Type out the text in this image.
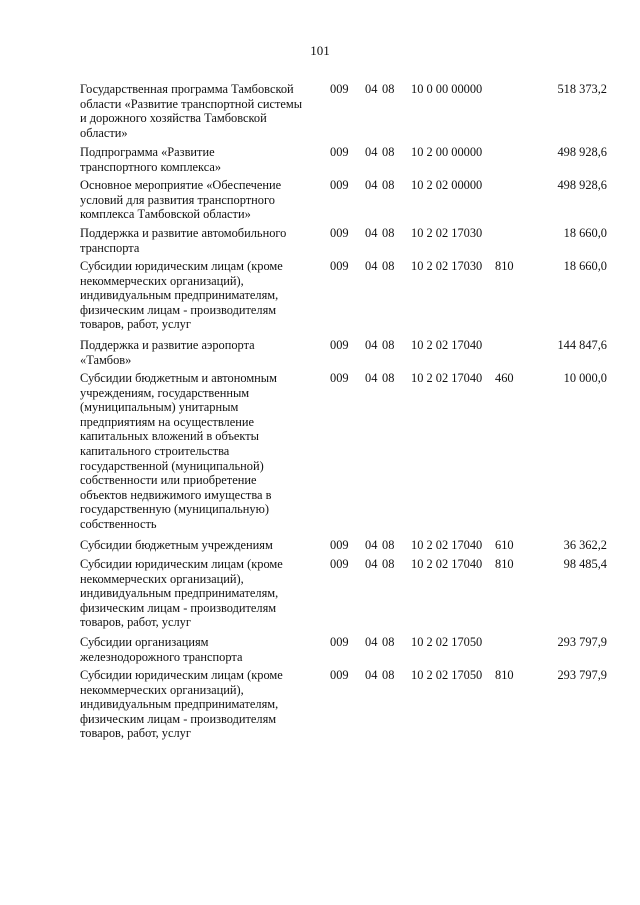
101
Государственная программа Тамбовской
области «Развитие транспортной системы
и дорожного хозяйства Тамбовской
области»
009 04 08 10 0 00 00000	518 373,2
Подпрограмма «Развитие
транспортного комплекса»
009 04 08 10 2 00 00000	498 928,6
Основное мероприятие «Обеспечение
условий для развития транспортного
комплекса Тамбовской области»
009 04 08 10 2 02 00000	498 928,6
Поддержка и развитие автомобильного
транспорта
009 04 08 10 2 02 17030	18 660,0
Субсидии юридическим лицам (кроме
некоммерческих организаций),
индивидуальным предпринимателям,
физическим лицам - производителям
товаров, работ, услуг
009 04 08 10 2 02 17030 810	18 660,0
Поддержка и развитие аэропорта
«Тамбов»
009 04 08 10 2 02 17040	144 847,6
Субсидии бюджетным и автономным
учреждениям, государственным
(муниципальным) унитарным
предприятиям на осуществление
капитальных вложений в объекты
капитального строительства
государственной (муниципальной)
собственности или приобретение
объектов недвижимого имущества в
государственную (муниципальную)
собственность
009 04 08 10 2 02 17040 460	10 000,0
Субсидии бюджетным учреждениям	009 04 08 10 2 02 17040 610	36 362,2
Субсидии юридическим лицам (кроме
некоммерческих организаций),
индивидуальным предпринимателям,
физическим лицам - производителям
товаров, работ, услуг
009 04 08 10 2 02 17040 810	98 485,4
Субсидии организациям
железнодорожного транспорта
009 04 08 10 2 02 17050	293 797,9
Субсидии юридическим лицам (кроме
некоммерческих организаций),
индивидуальным предпринимателям,
физическим лицам - производителям
товаров, работ, услуг
009 04 08 10 2 02 17050 810	293 797,9
